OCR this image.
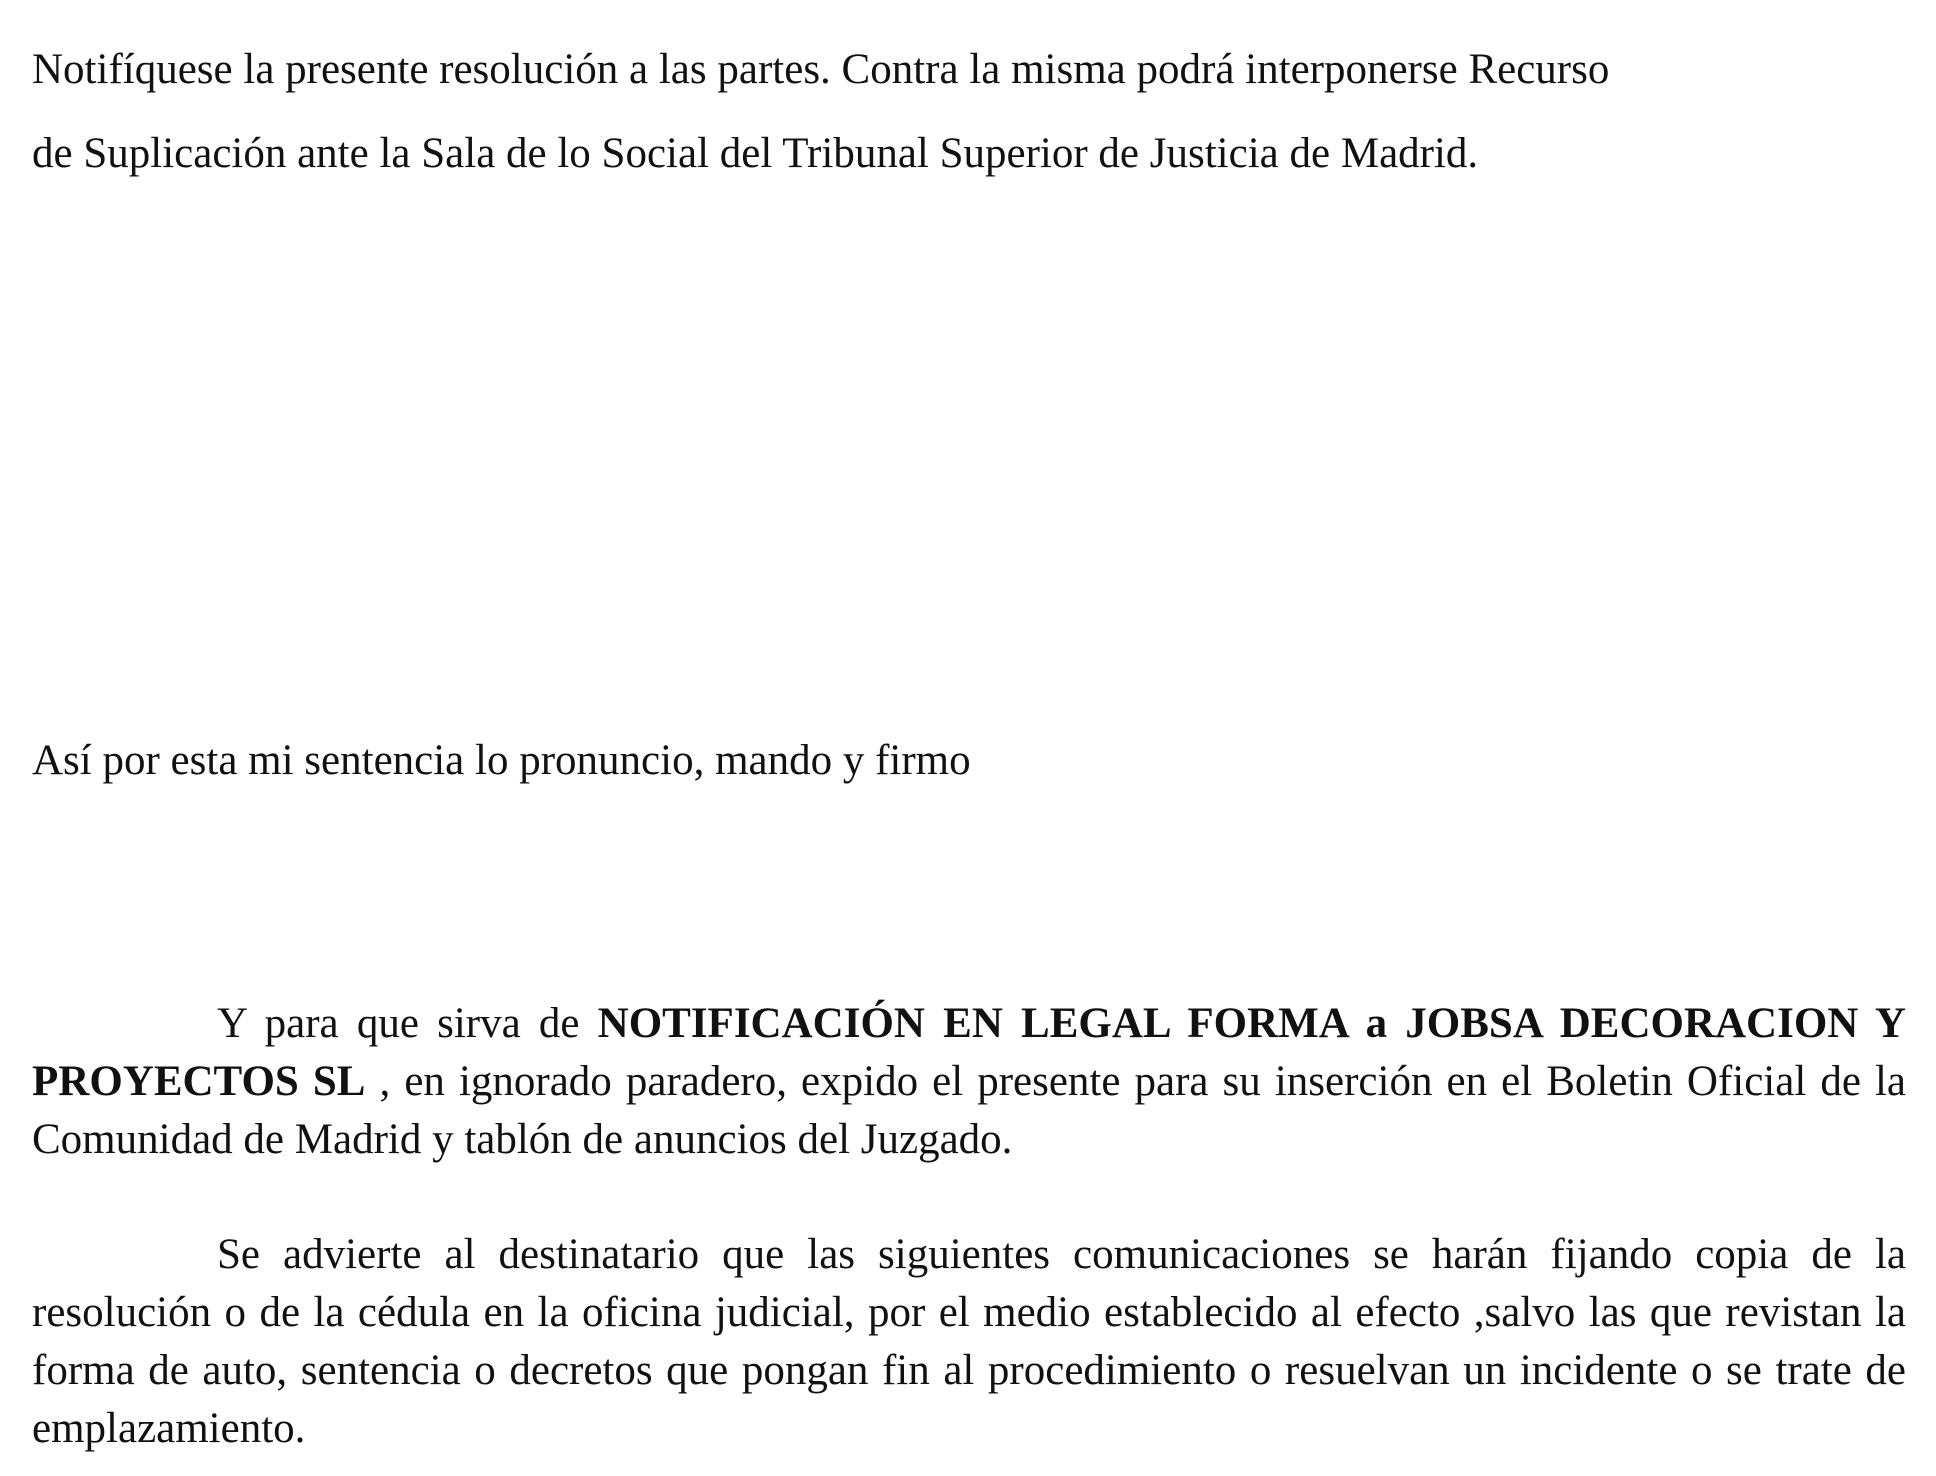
Notifíquese la presente resolución a las partes. Contra la misma podrá interponerse Recurso
de Suplicación ante la Sala de lo Social del Tribunal Superior de Justicia de Madrid.
Así por esta mi sentencia lo pronuncio, mando y firmo
Y para que sirva de NOTIFICACIÓN EN LEGAL FORMA a JOBSA DECORACION Y PROYECTOS SL , en ignorado paradero, expido el presente para su inserción en el Boletin Oficial de la Comunidad de Madrid y tablón de anuncios del Juzgado.
Se advierte al destinatario que las siguientes comunicaciones se harán fijando copia de la resolución o de la cédula en la oficina judicial, por el medio establecido al efecto ,salvo las que revistan la forma de auto, sentencia o decretos que pongan fin al procedimiento o resuelvan un incidente o se trate de emplazamiento.
